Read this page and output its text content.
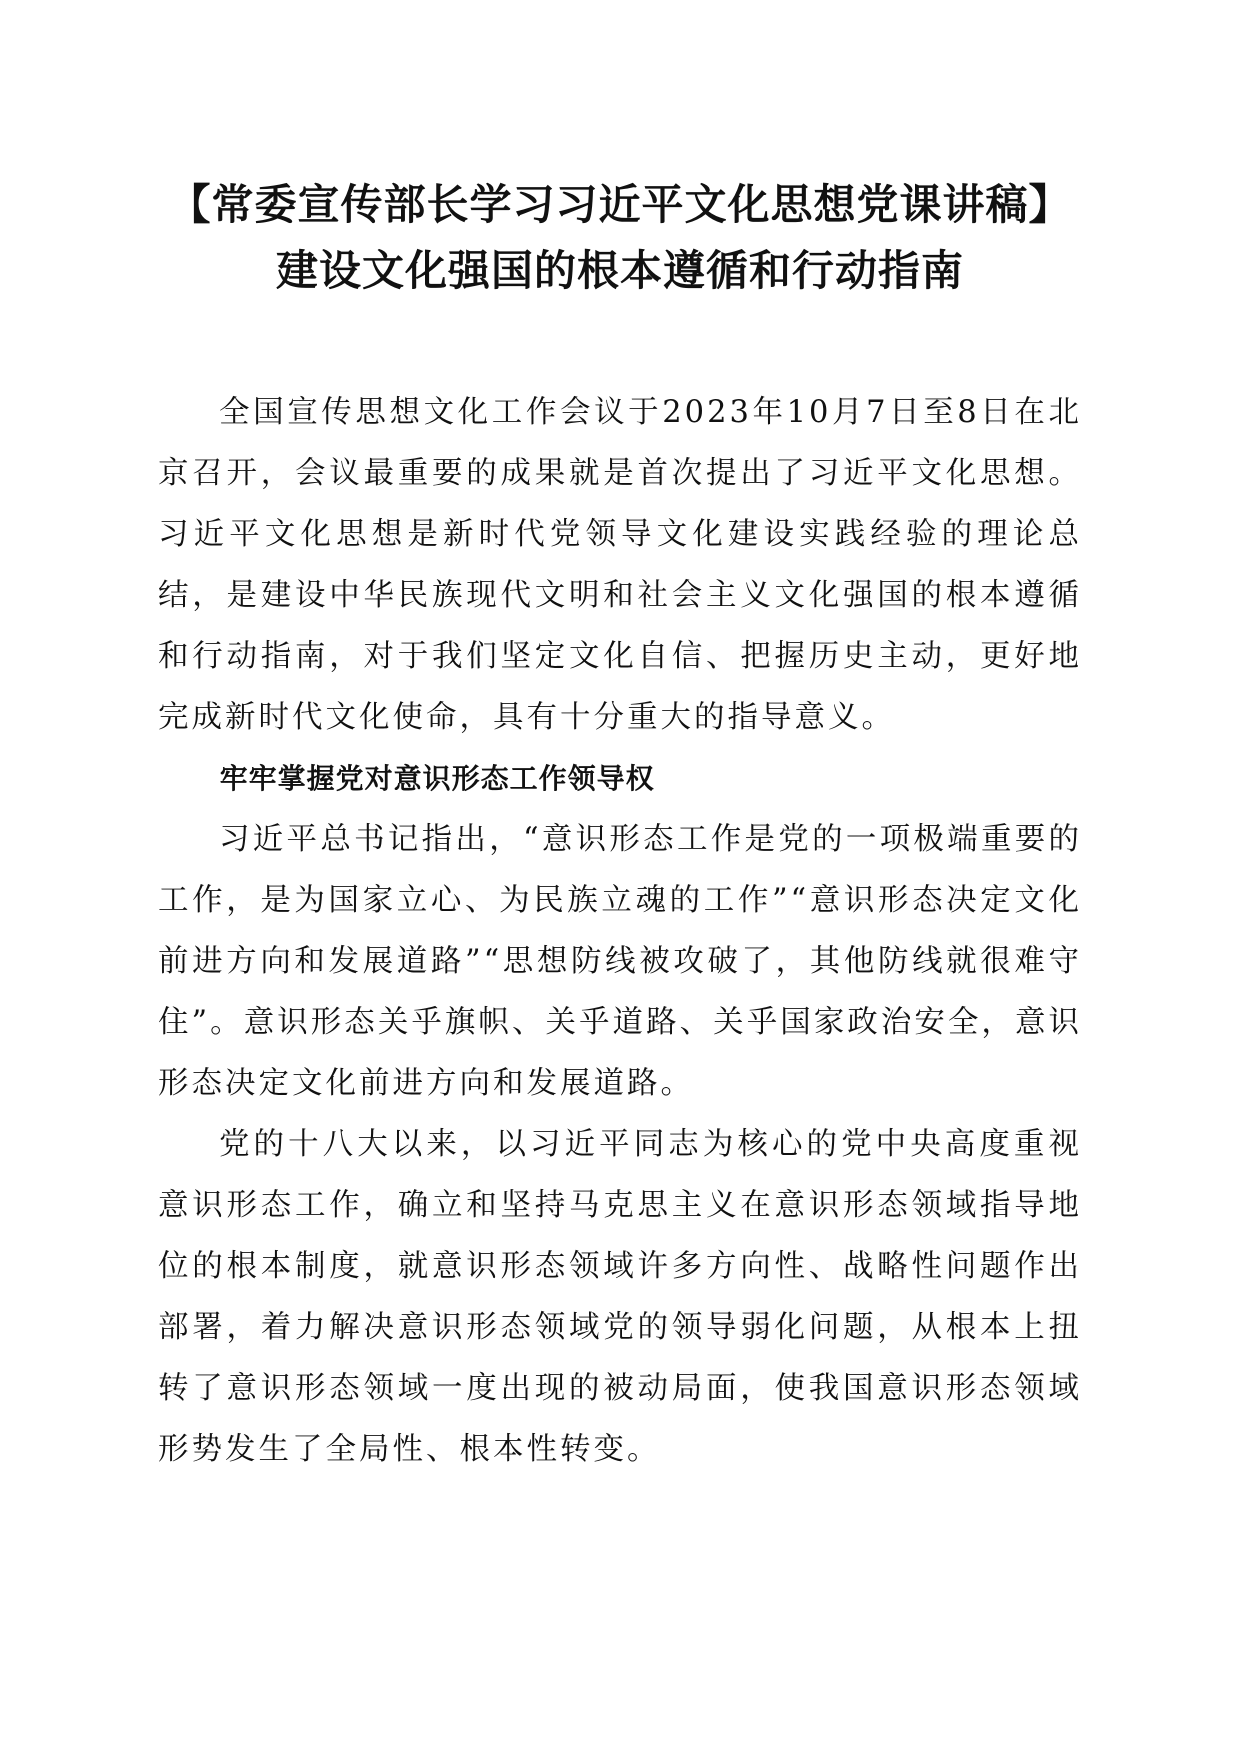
【常委宣传部长学习习近平文化思想党课讲稿】建设文化强国的根本遵循和行动指南

全国宣传思想文化工作会议于2023年10月7日至8日在北京召开，会议最重要的成果就是首次提出了习近平文化思想。习近平文化思想是新时代党领导文化建设实践经验的理论总结，是建设中华民族现代文明和社会主义文化强国的根本遵循和行动指南，对于我们坚定文化自信、把握历史主动，更好地完成新时代文化使命，具有十分重大的指导意义。

牢牢掌握党对意识形态工作领导权

习近平总书记指出，“意识形态工作是党的一项极端重要的工作，是为国家立心、为民族立魂的工作”“意识形态决定文化前进方向和发展道路”“思想防线被攻破了，其他防线就很难守住”。意识形态关乎旗帜、关乎道路、关乎国家政治安全，意识形态决定文化前进方向和发展道路。

党的十八大以来，以习近平同志为核心的党中央高度重视意识形态工作，确立和坚持马克思主义在意识形态领域指导地位的根本制度，就意识形态领域许多方向性、战略性问题作出部署，着力解决意识形态领域党的领导弱化问题，从根本上扭转了意识形态领域一度出现的被动局面，使我国意识形态领域形势发生了全局性、根本性转变。
